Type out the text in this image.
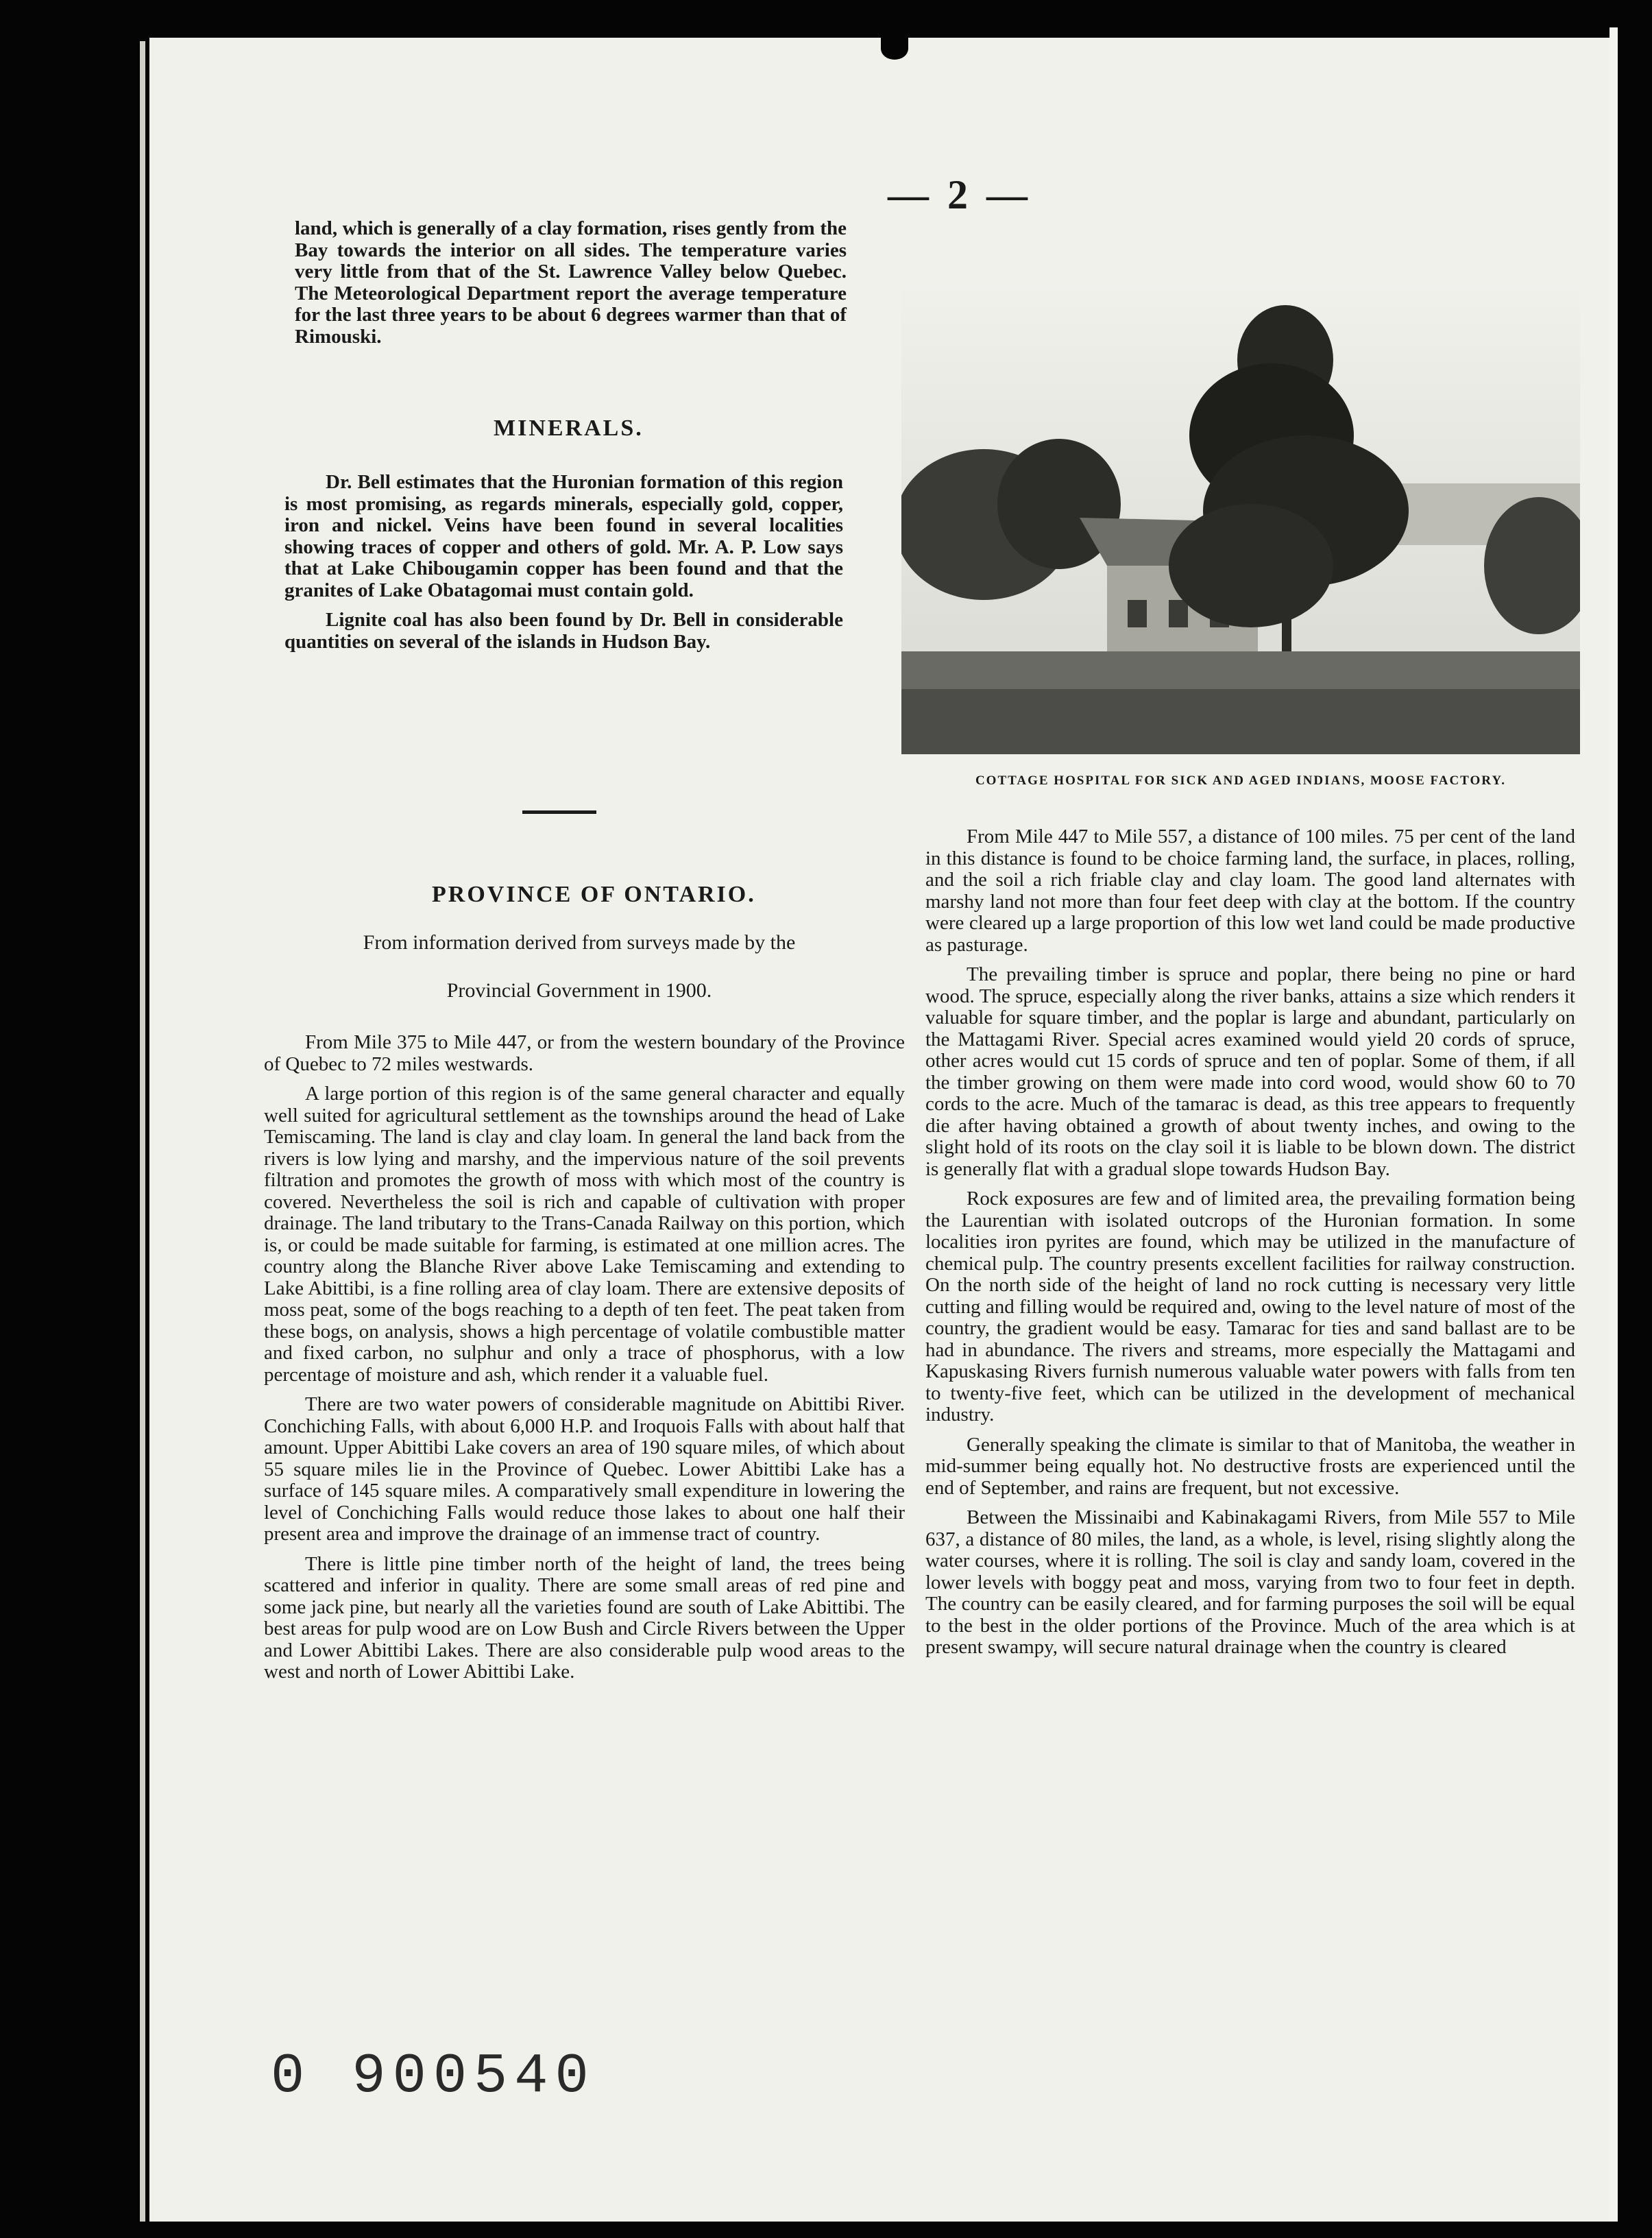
— 2 —

land, which is generally of a clay formation, rises gently from the Bay towards the interior on all sides. The temperature varies very little from that of the St. Lawrence Valley below Quebec. The Meteorological Department report the average temperature for the last three years to be about 6 degrees warmer than that of Rimouski.

MINERALS.

Dr. Bell estimates that the Huronian formation of this region is most promising, as regards minerals, especially gold, copper, iron and nickel. Veins have been found in several localities showing traces of copper and others of gold. Mr. A. P. Low says that at Lake Chibougamin copper has been found and that the granites of Lake Obatagomai must contain gold.

Lignite coal has also been found by Dr. Bell in considerable quantities on several of the islands in Hudson Bay.

PROVINCE OF ONTARIO.
From information derived from surveys made by the
Provincial Government in 1900.

From Mile 375 to Mile 447, or from the western boundary of the Province of Quebec to 72 miles westwards.

A large portion of this region is of the same general character and equally well suited for agricultural settlement as the townships around the head of Lake Temiscaming. The land is clay and clay loam. In general the land back from the rivers is low lying and marshy, and the impervious nature of the soil prevents filtration and promotes the growth of moss with which most of the country is covered. Nevertheless the soil is rich and capable of cultivation with proper drainage. The land tributary to the Trans-Canada Railway on this portion, which is, or could be made suitable for farming, is estimated at one million acres. The country along the Blanche River above Lake Temiscaming and extending to Lake Abittibi, is a fine rolling area of clay loam. There are extensive deposits of moss peat, some of the bogs reaching to a depth of ten feet. The peat taken from these bogs, on analysis, shows a high percentage of volatile combustible matter and fixed carbon, no sulphur and only a trace of phosphorus, with a low percentage of moisture and ash, which render it a valuable fuel.

There are two water powers of considerable magnitude on Abittibi River. Conchiching Falls, with about 6,000 H.P. and Iroquois Falls with about half that amount. Upper Abittibi Lake covers an area of 190 square miles, of which about 55 square miles lie in the Province of Quebec. Lower Abittibi Lake has a surface of 145 square miles. A comparatively small expenditure in lowering the level of Conchiching Falls would reduce those lakes to about one half their present area and improve the drainage of an immense tract of country.

There is little pine timber north of the height of land, the trees being scattered and inferior in quality. There are some small areas of red pine and some jack pine, but nearly all the varieties found are south of Lake Abittibi. The best areas for pulp wood are on Low Bush and Circle Rivers between the Upper and Lower Abittibi Lakes. There are also considerable pulp wood areas to the west and north of Lower Abittibi Lake.

COTTAGE HOSPITAL FOR SICK AND AGED INDIANS, MOOSE FACTORY.

From Mile 447 to Mile 557, a distance of 100 miles. 75 per cent of the land in this distance is found to be choice farming land, the surface, in places, rolling, and the soil a rich friable clay and clay loam. The good land alternates with marshy land not more than four feet deep with clay at the bottom. If the country were cleared up a large proportion of this low wet land could be made productive as pasturage.

The prevailing timber is spruce and poplar, there being no pine or hard wood. The spruce, especially along the river banks, attains a size which renders it valuable for square timber, and the poplar is large and abundant, particularly on the Mattagami River. Special acres examined would yield 20 cords of spruce, other acres would cut 15 cords of spruce and ten of poplar. Some of them, if all the timber growing on them were made into cord wood, would show 60 to 70 cords to the acre. Much of the tamarac is dead, as this tree appears to frequently die after having obtained a growth of about twenty inches, and owing to the slight hold of its roots on the clay soil it is liable to be blown down. The district is generally flat with a gradual slope towards Hudson Bay.

Rock exposures are few and of limited area, the prevailing formation being the Laurentian with isolated outcrops of the Huronian formation. In some localities iron pyrites are found, which may be utilized in the manufacture of chemical pulp. The country presents excellent facilities for railway construction. On the north side of the height of land no rock cutting is necessary very little cutting and filling would be required and, owing to the level nature of most of the country, the gradient would be easy. Tamarac for ties and sand ballast are to be had in abundance. The rivers and streams, more especially the Mattagami and Kapuskasing Rivers furnish numerous valuable water powers with falls from ten to twenty-five feet, which can be utilized in the development of mechanical industry.

Generally speaking the climate is similar to that of Manitoba, the weather in mid-summer being equally hot. No destructive frosts are experienced until the end of September, and rains are frequent, but not excessive.

Between the Missinaibi and Kabinakagami Rivers, from Mile 557 to Mile 637, a distance of 80 miles, the land, as a whole, is level, rising slightly along the water courses, where it is rolling. The soil is clay and sandy loam, covered in the lower levels with boggy peat and moss, varying from two to four feet in depth. The country can be easily cleared, and for farming purposes the soil will be equal to the best in the older portions of the Province. Much of the area which is at present swampy, will secure natural drainage when the country is cleared

0 900540
